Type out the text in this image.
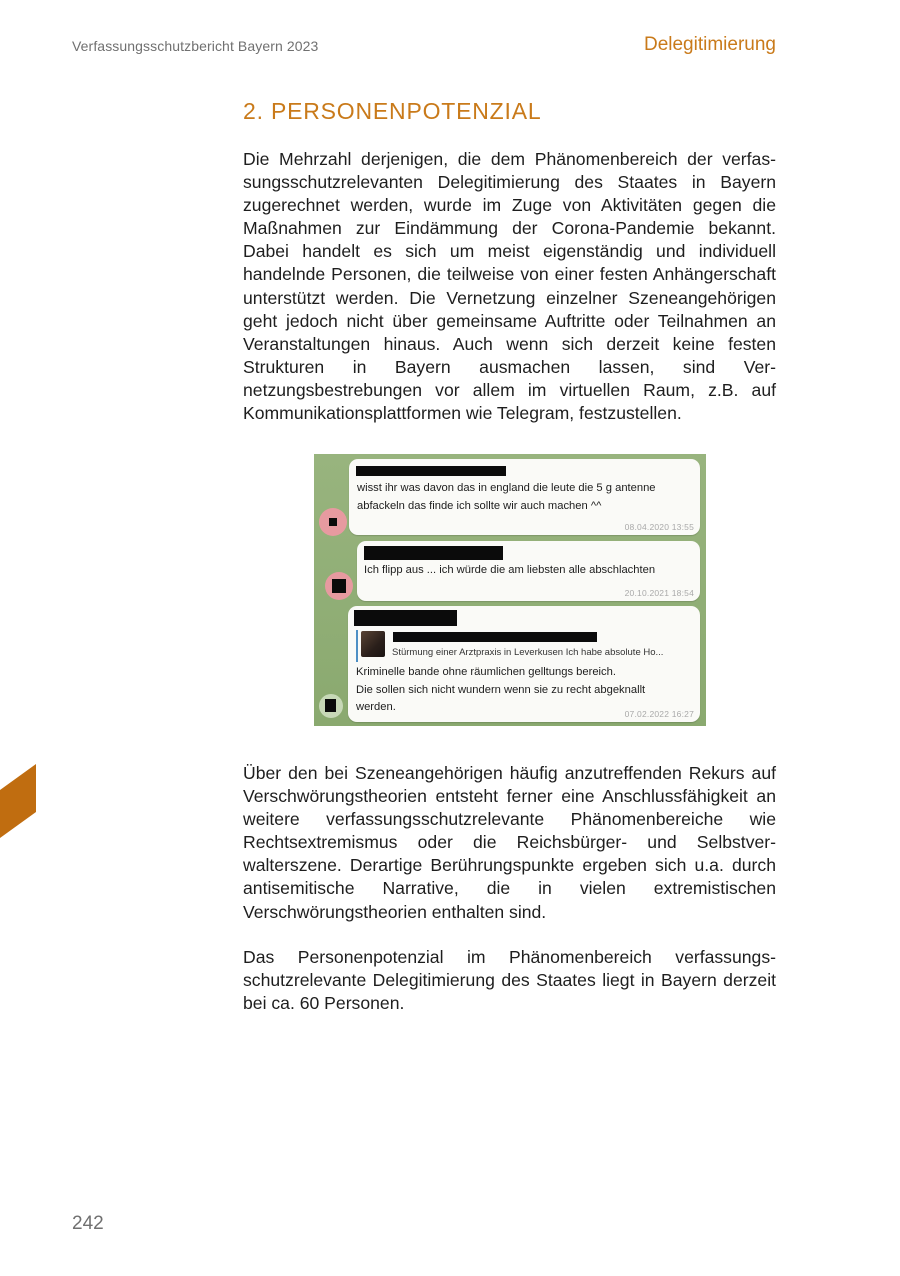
Verfassungsschutzbericht Bayern 2023	Delegitimierung
2. PERSONENPOTENZIAL

Die Mehrzahl derjenigen, die dem Phänomenbereich der verfassungsschutzrelevanten Delegitimierung des Staates in Bayern zugerechnet werden, wurde im Zuge von Aktivitäten gegen die Maßnahmen zur Eindämmung der Corona-Pandemie bekannt. Dabei handelt es sich um meist eigenständig und individuell handelnde Personen, die teilweise von einer festen Anhängerschaft unterstützt werden. Die Vernetzung einzelner Szeneangehörigen geht jedoch nicht über gemeinsame Auftritte oder Teilnahmen an Veranstaltungen hinaus. Auch wenn sich derzeit keine festen Strukturen in Bayern ausmachen lassen, sind Vernetzungsbestrebungen vor allem im virtuellen Raum, z.B. auf Kommunikationsplattformen wie Telegram, festzustellen.

wisst ihr was davon das in england die leute die 5 g antenne
abfackeln das finde ich sollte wir auch machen ^^
08.04.2020 13:55
Ich flipp aus ... ich würde die am liebsten alle abschlachten
20.10.2021 18:54
Stürmung einer Arztpraxis in Leverkusen Ich habe absolute Ho...
Kriminelle bande ohne räumlichen gelltungs bereich.
Die sollen sich nicht wundern wenn sie zu recht abgeknallt
werden.
07.02.2022 16:27

Über den bei Szeneangehörigen häufig anzutreffenden Rekurs auf Verschwörungstheorien entsteht ferner eine Anschlussfähigkeit an weitere verfassungsschutzrelevante Phänomenbereiche wie Rechtsextremismus oder die Reichsbürger- und Selbstverwalterszene. Derartige Berührungspunkte ergeben sich u.a. durch antisemitische Narrative, die in vielen extremistischen Verschwörungstheorien enthalten sind.

Das Personenpotenzial im Phänomenbereich verfassungsschutzrelevante Delegitimierung des Staates liegt in Bayern derzeit bei ca. 60 Personen.

242
